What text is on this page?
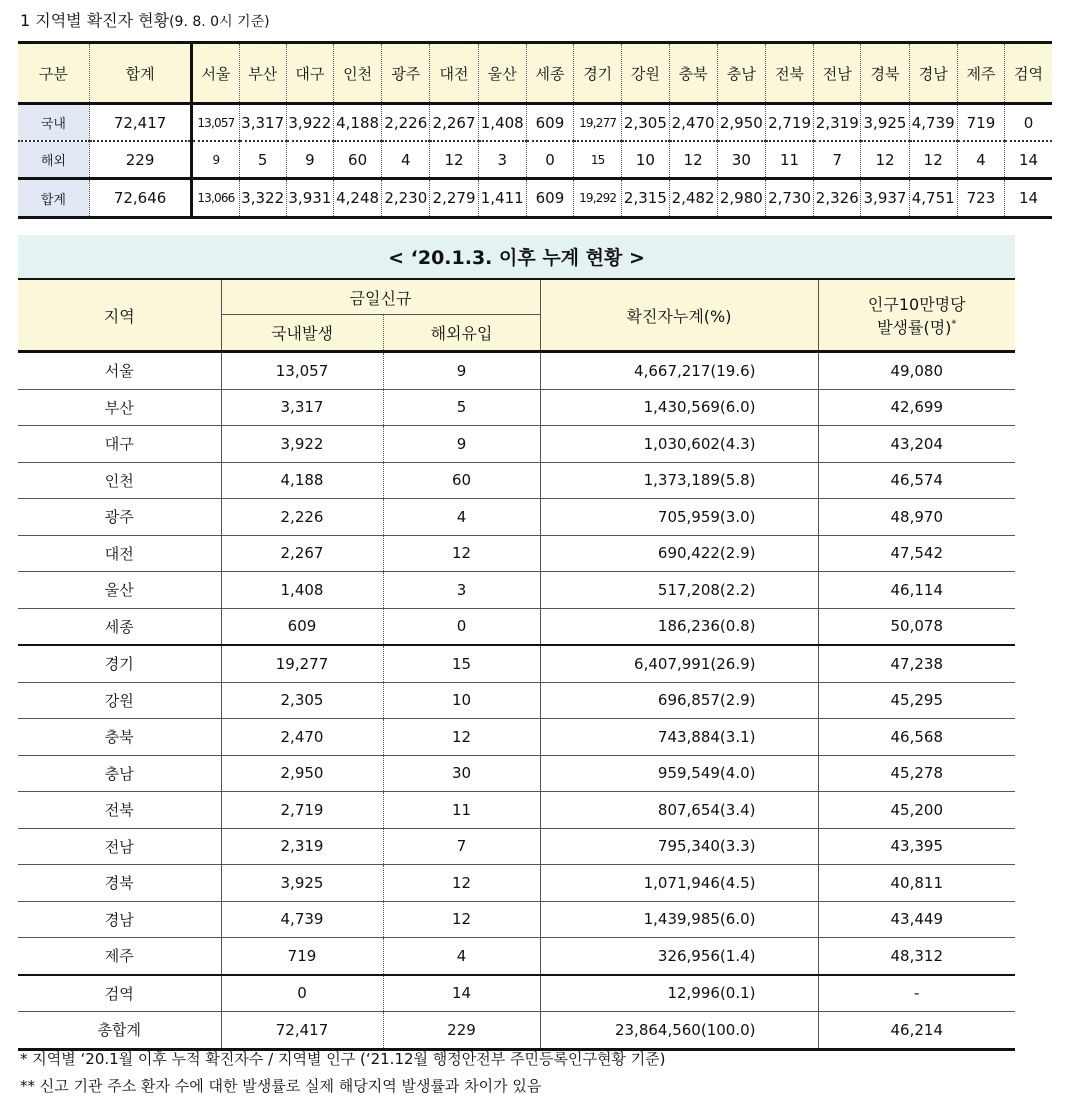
1 지역별 확진자 현황(9. 8. 0시 기준)
구분	합계	서울	부산	대구	인천	광주	대전	울산	세종	경기	강원	충북	충남	전북	전남	경북	경남	제주	검역
국내	72,417	13,057	3,317	3,922	4,188	2,226	2,267	1,408	609	19,277	2,305	2,470	2,950	2,719	2,319	3,925	4,739	719	0
해외	229	9	5	9	60	4	12	3	0	15	10	12	30	11	7	12	12	4	14
합계	72,646	13,066	3,322	3,931	4,248	2,230	2,279	1,411	609	19,292	2,315	2,482	2,980	2,730	2,326	3,937	4,751	723	14
< ‘20.1.3. 이후 누계 현황 >				
지역	금일신규		확진자누계(%)	인구10만명당
발생률(명)*
	국내발생	해외유입		
서울	13,057	9	4,667,217(19.6)	49,080
부산	3,317	5	1,430,569(6.0)	42,699
대구	3,922	9	1,030,602(4.3)	43,204
인천	4,188	60	1,373,189(5.8)	46,574
광주	2,226	4	705,959(3.0)	48,970
대전	2,267	12	690,422(2.9)	47,542
울산	1,408	3	517,208(2.2)	46,114
세종	609	0	186,236(0.8)	50,078
경기	19,277	15	6,407,991(26.9)	47,238
강원	2,305	10	696,857(2.9)	45,295
충북	2,470	12	743,884(3.1)	46,568
충남	2,950	30	959,549(4.0)	45,278
전북	2,719	11	807,654(3.4)	45,200
전남	2,319	7	795,340(3.3)	43,395
경북	3,925	12	1,071,946(4.5)	40,811
경남	4,739	12	1,439,985(6.0)	43,449
제주	719	4	326,956(1.4)	48,312
검역	0	14	12,996(0.1)	-
총합계	72,417	229	23,864,560(100.0)	46,214
* 지역별 ‘20.1월 이후 누적 확진자수 / 지역별 인구 (‘21.12월 행정안전부 주민등록인구현황 기준)
** 신고 기관 주소 환자 수에 대한 발생률로 실제 해당지역 발생률과 차이가 있음
